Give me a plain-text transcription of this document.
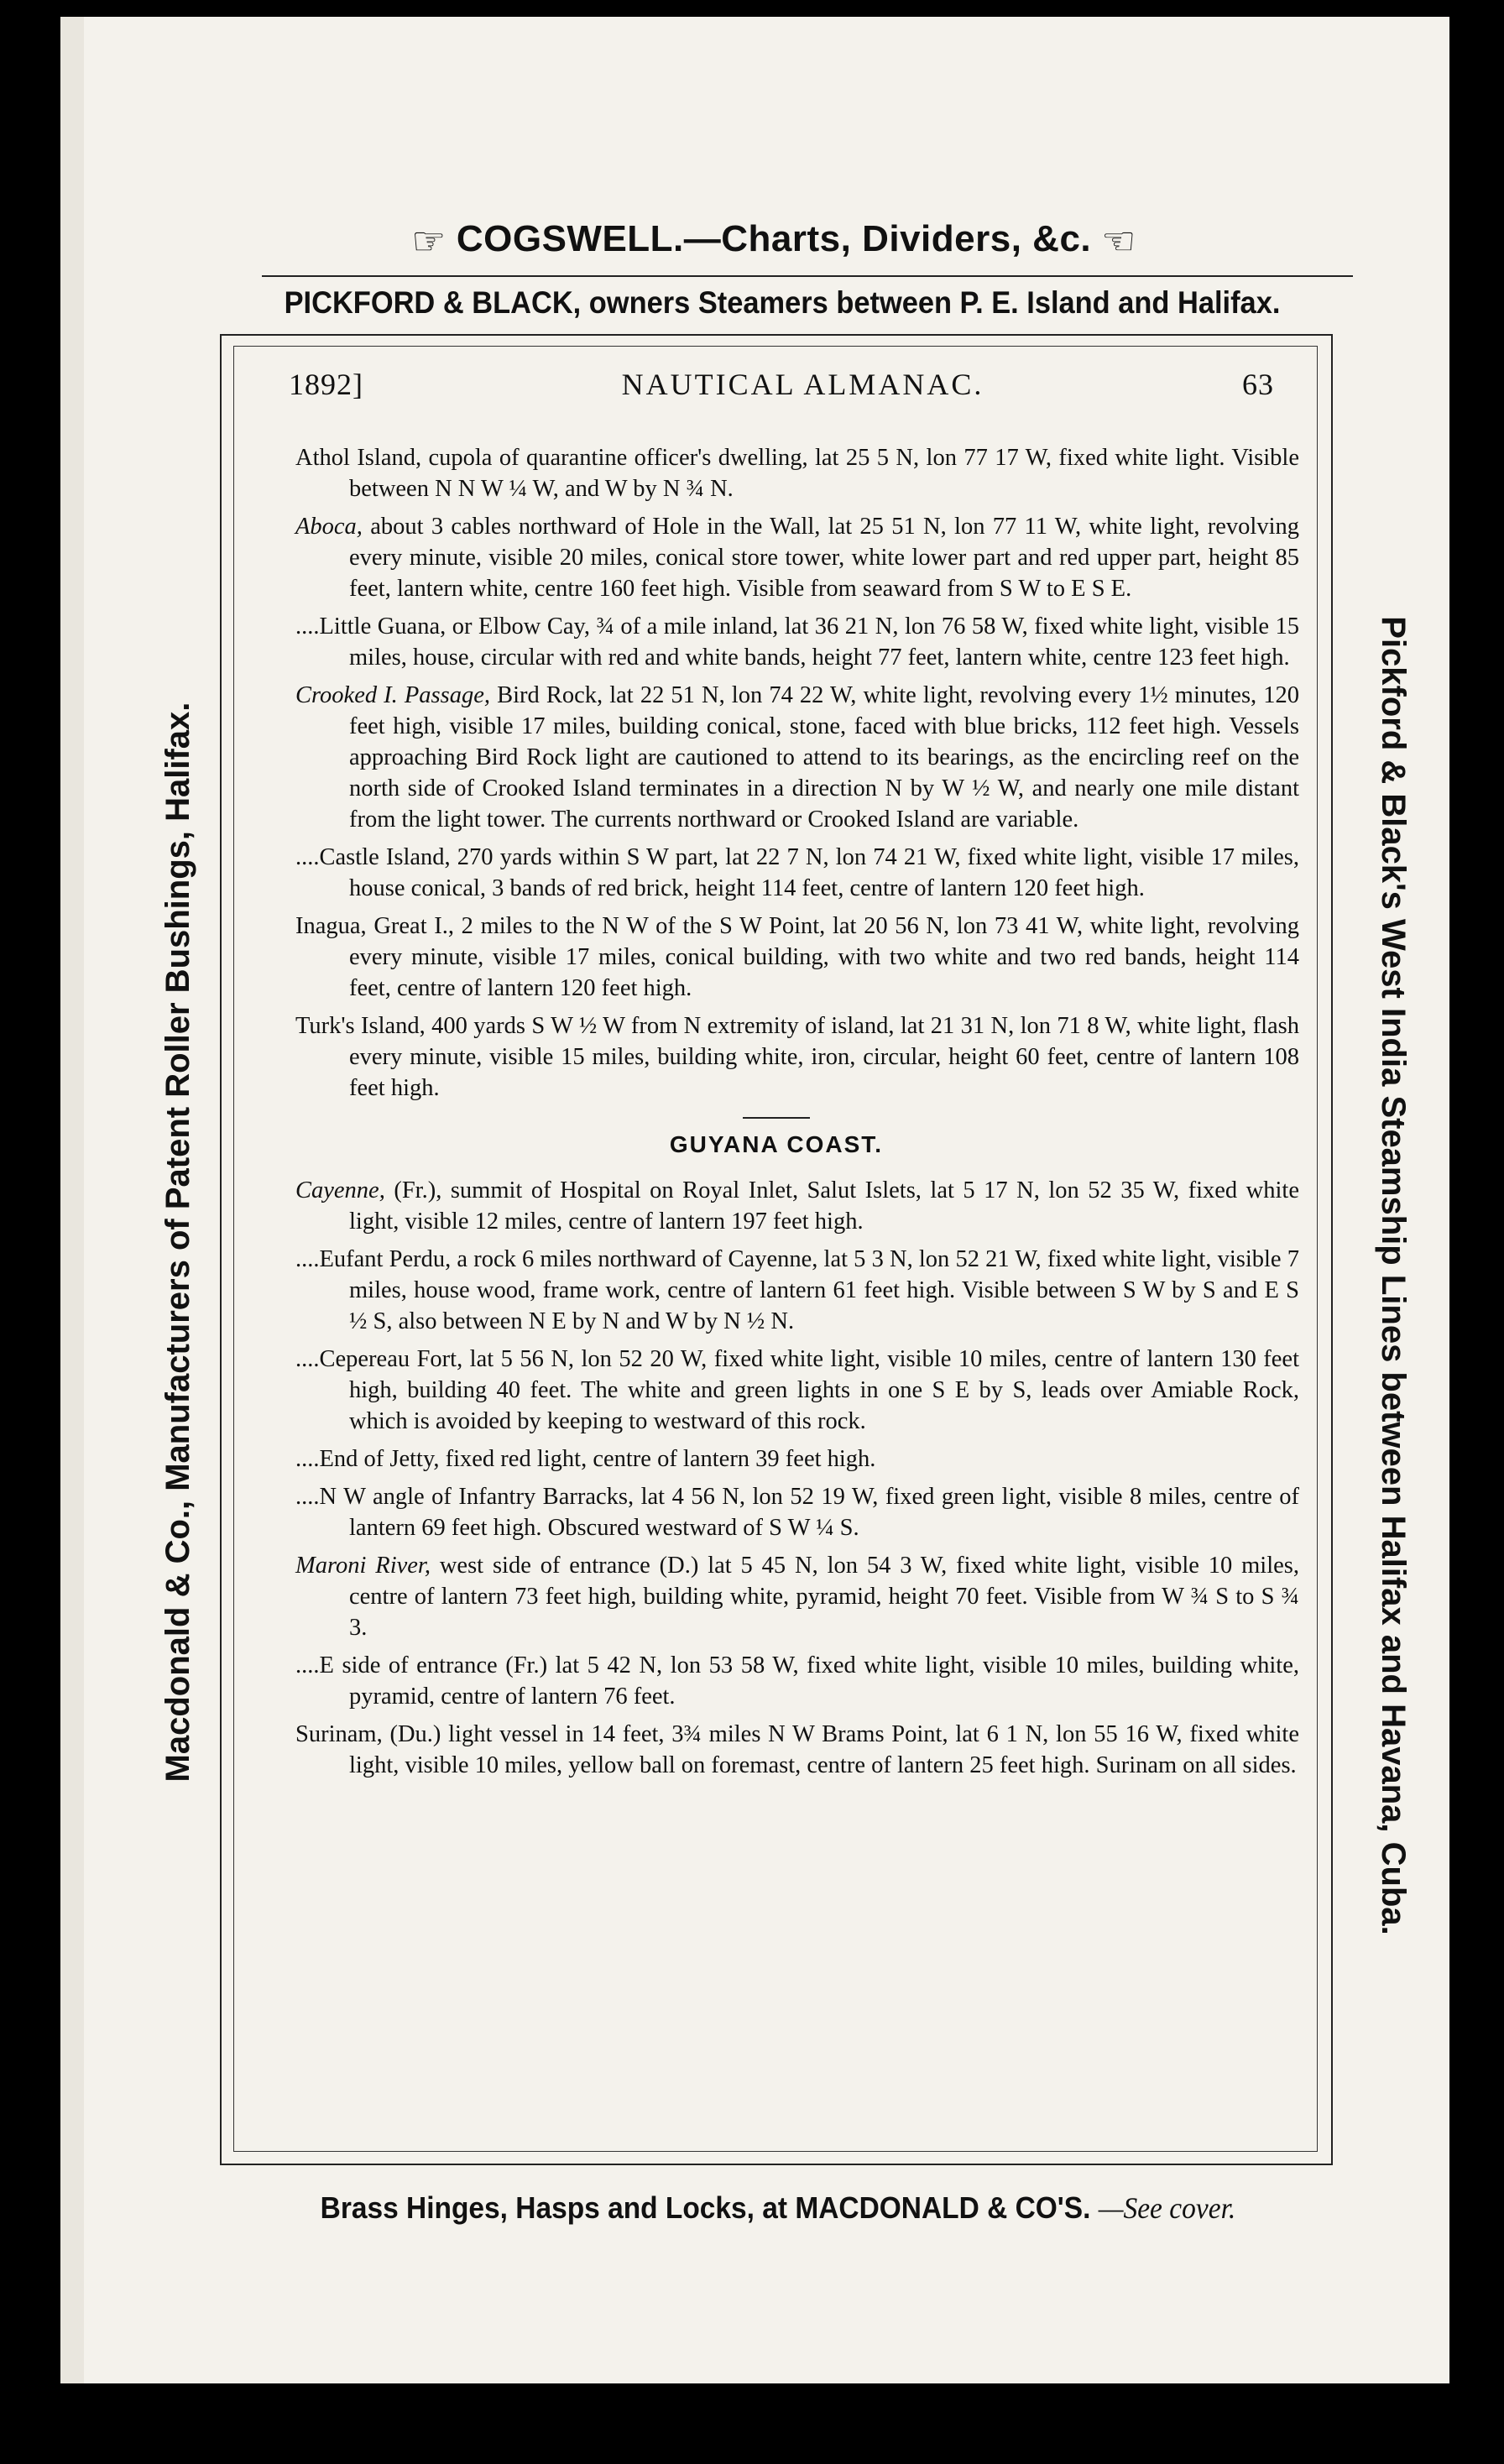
☞ COGSWELL.—Charts, Dividers, &c. ☜
PICKFORD & BLACK, owners Steamers between P. E. Island and Halifax.
Macdonald & Co., Manufacturers of Patent Roller Bushings, Halifax.	Pickford & Black's West India Steamship Lines between Halifax and Havana, Cuba.
1892]	NAUTICAL ALMANAC.	63
Athol Island, cupola of quarantine officer's dwelling, lat 25 5 N, lon 77 17 W, fixed white light. Visible between N N W ¼ W, and W by N ¾ N.
Aboca, about 3 cables northward of Hole in the Wall, lat 25 51 N, lon 77 11 W, white light, revolving every minute, visible 20 miles, conical store tower, white lower part and red upper part, height 85 feet, lantern white, centre 160 feet high. Visible from seaward from S W to E S E.
....Little Guana, or Elbow Cay, ¾ of a mile inland, lat 36 21 N, lon 76 58 W, fixed white light, visible 15 miles, house, circular with red and white bands, height 77 feet, lantern white, centre 123 feet high.
Crooked I. Passage, Bird Rock, lat 22 51 N, lon 74 22 W, white light, revolving every 1½ minutes, 120 feet high, visible 17 miles, building conical, stone, faced with blue bricks, 112 feet high. Vessels approaching Bird Rock light are cautioned to attend to its bearings, as the encircling reef on the north side of Crooked Island terminates in a direction N by W ½ W, and nearly one mile distant from the light tower. The currents northward or Crooked Island are variable.
....Castle Island, 270 yards within S W part, lat 22 7 N, lon 74 21 W, fixed white light, visible 17 miles, house conical, 3 bands of red brick, height 114 feet, centre of lantern 120 feet high.
Inagua, Great I., 2 miles to the N W of the S W Point, lat 20 56 N, lon 73 41 W, white light, revolving every minute, visible 17 miles, conical building, with two white and two red bands, height 114 feet, centre of lantern 120 feet high.
Turk's Island, 400 yards S W ½ W from N extremity of island, lat 21 31 N, lon 71 8 W, white light, flash every minute, visible 15 miles, building white, iron, circular, height 60 feet, centre of lantern 108 feet high.
GUYANA COAST.
Cayenne, (Fr.), summit of Hospital on Royal Inlet, Salut Islets, lat 5 17 N, lon 52 35 W, fixed white light, visible 12 miles, centre of lantern 197 feet high.
....Eufant Perdu, a rock 6 miles northward of Cayenne, lat 5 3 N, lon 52 21 W, fixed white light, visible 7 miles, house wood, frame work, centre of lantern 61 feet high. Visible between S W by S and E S ½ S, also between N E by N and W by N ½ N.
....Cepereau Fort, lat 5 56 N, lon 52 20 W, fixed white light, visible 10 miles, centre of lantern 130 feet high, building 40 feet. The white and green lights in one S E by S, leads over Amiable Rock, which is avoided by keeping to westward of this rock.
....End of Jetty, fixed red light, centre of lantern 39 feet high.
....N W angle of Infantry Barracks, lat 4 56 N, lon 52 19 W, fixed green light, visible 8 miles, centre of lantern 69 feet high. Obscured westward of S W ¼ S.
Maroni River, west side of entrance (D.) lat 5 45 N, lon 54 3 W, fixed white light, visible 10 miles, centre of lantern 73 feet high, building white, pyramid, height 70 feet. Visible from W ¾ S to S ¾ 3.
....E side of entrance (Fr.) lat 5 42 N, lon 53 58 W, fixed white light, visible 10 miles, building white, pyramid, centre of lantern 76 feet.
Surinam, (Du.) light vessel in 14 feet, 3¾ miles N W Brams Point, lat 6 1 N, lon 55 16 W, fixed white light, visible 10 miles, yellow ball on foremast, centre of lantern 25 feet high. Surinam on all sides.
Brass Hinges, Hasps and Locks, at MACDONALD & CO'S. —See cover.
